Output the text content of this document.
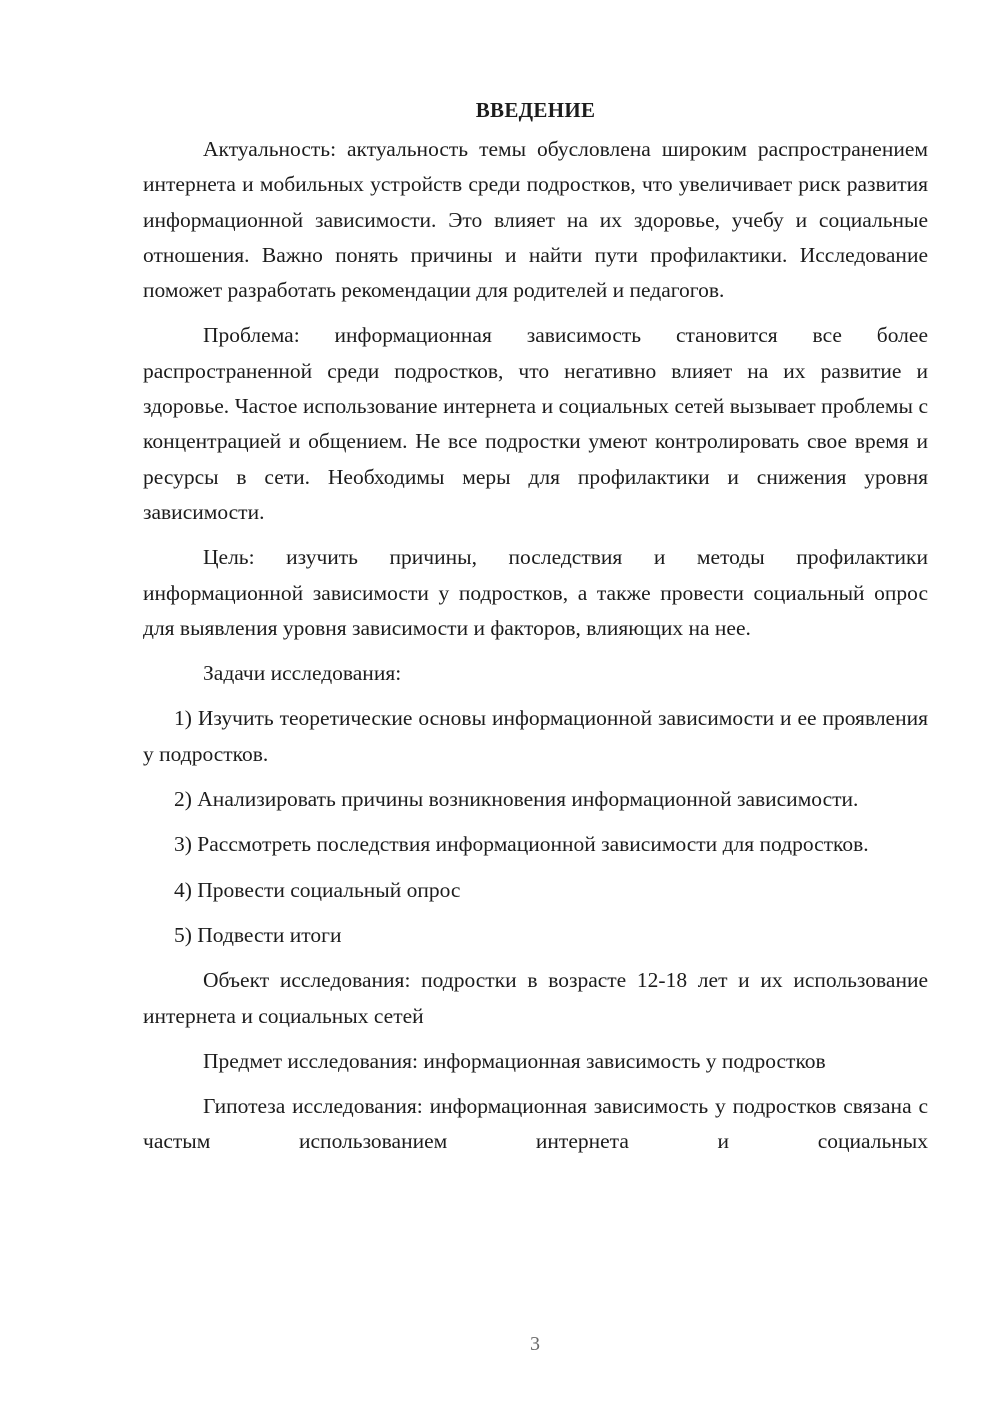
ВВЕДЕНИЕ

Актуальность: актуальность темы обусловлена широким распространением интернета и мобильных устройств среди подростков, что увеличивает риск развития информационной зависимости. Это влияет на их здоровье, учебу и социальные отношения. Важно понять причины и найти пути профилактики. Исследование поможет разработать рекомендации для родителей и педагогов.

Проблема: информационная зависимость становится все более распространенной среди подростков, что негативно влияет на их развитие и здоровье. Частое использование интернета и социальных сетей вызывает проблемы с концентрацией и общением. Не все подростки умеют контролировать свое время и ресурсы в сети. Необходимы меры для профилактики и снижения уровня зависимости.

Цель: изучить причины, последствия и методы профилактики информационной зависимости у подростков, а также провести социальный опрос для выявления уровня зависимости и факторов, влияющих на нее.

Задачи исследования:

1) Изучить теоретические основы информационной зависимости и ее проявления у подростков.

2) Анализировать причины возникновения информационной зависимости.

3) Рассмотреть последствия информационной зависимости для подростков.

4) Провести социальный опрос

5) Подвести итоги

Объект исследования: подростки в возрасте 12-18 лет и их использование интернета и социальных сетей

Предмет исследования: информационная зависимость у подростков

Гипотеза исследования: информационная зависимость у подростков связана с частым использованием интернета и социальных

3
